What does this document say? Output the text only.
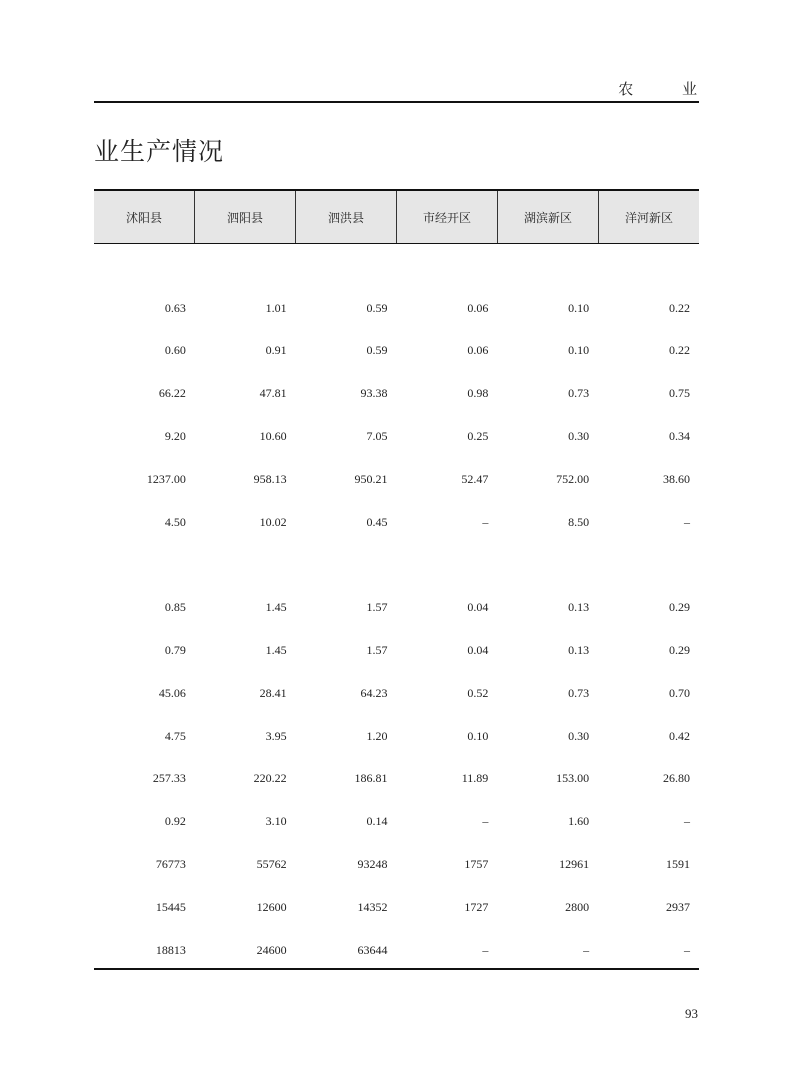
农 业
业生产情况
沭阳县	泗阳县	泗洪县	市经开区	湖滨新区	洋河新区
0.63	1.01	0.59	0.06	0.10	0.22
0.60	0.91	0.59	0.06	0.10	0.22
66.22	47.81	93.38	0.98	0.73	0.75
9.20	10.60	7.05	0.25	0.30	0.34
1237.00	958.13	950.21	52.47	752.00	38.60
4.50	10.02	0.45	–	8.50	–
0.85	1.45	1.57	0.04	0.13	0.29
0.79	1.45	1.57	0.04	0.13	0.29
45.06	28.41	64.23	0.52	0.73	0.70
4.75	3.95	1.20	0.10	0.30	0.42
257.33	220.22	186.81	11.89	153.00	26.80
0.92	3.10	0.14	–	1.60	–
76773	55762	93248	1757	12961	1591
15445	12600	14352	1727	2800	2937
18813	24600	63644	–	–	–
93
